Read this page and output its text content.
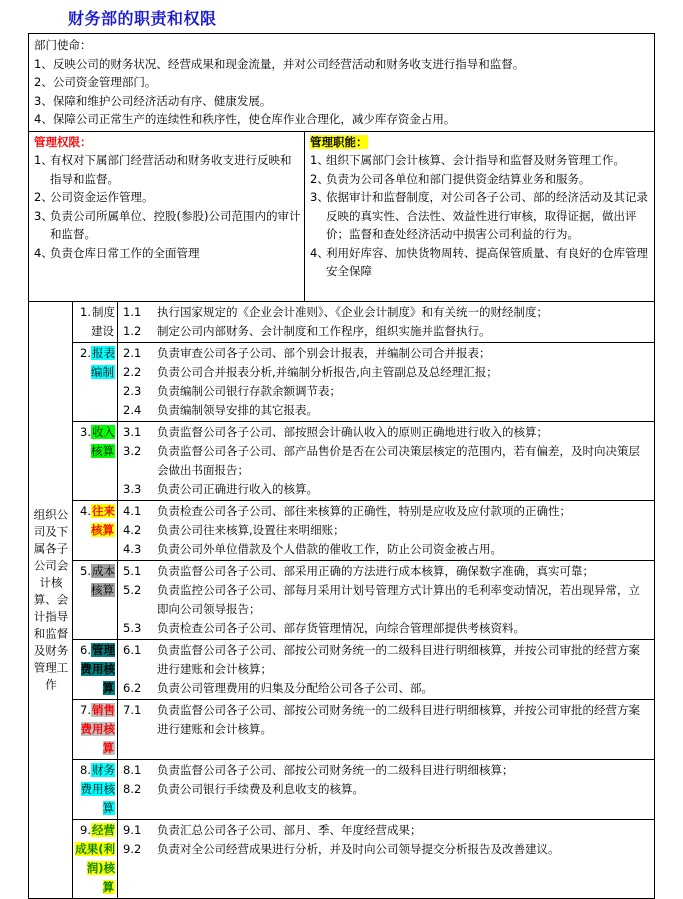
财务部的职责和权限
部门使命：
1、反映公司的财务状况、经营成果和现金流量，并对公司经营活动和财务收支进行指导和监督。
2、公司资金管理部门。
3、保障和维护公司经济活动有序、健康发展。
4、保障公司正常生产的连续性和秩序性，使仓库作业合理化，减少库存资金占用。
管理权限：
1、
有权对下属部门经营活动和财务收支进行反映和指导和监督。
2、
公司资金运作管理。
3、
负责公司所属单位、控股(参股)公司范围内的审计和监督。
4、
负责仓库日常工作的全面管理
管理职能：
1、
组织下属部门会计核算、会计指导和监督及财务管理工作。
2、
负责为公司各单位和部门提供资金结算业务和服务。
3、
依据审计和监督制度，对公司各子公司、部的经济活动及其记录反映的真实性、合法性、效益性进行审核，取得证据，做出评价；监督和查处经济活动中损害公司利益的行为。
4、
利用好库容、加快货物周转、提高保管质量、有良好的仓库管理安全保障
组织公司及下属各子公司会计核算、会计指导和监督及财务管理工作
1.制度建设
1.1	执行国家规定的《企业会计准则》、《企业会计制度》和有关统一的财经制度；
1.2	制定公司内部财务、会计制度和工作程序，组织实施并监督执行。
2.报表编制
2.1	负责审查公司各子公司、部个别会计报表，并编制公司合并报表；
2.2	负责公司合并报表分析,并编制分析报告,向主管副总及总经理汇报；
2.3	负责编制公司银行存款余额调节表；
2.4	负责编制领导安排的其它报表。
3.收入核算
3.1	负责监督公司各子公司、部按照会计确认收入的原则正确地进行收入的核算；
3.2	负责监督公司各子公司、部产品售价是否在公司决策层核定的范围内，若有偏差，及时向决策层会做出书面报告；
3.3	负责公司正确进行收入的核算。
4.往来核算
4.1	负责检查公司各子公司、部往来核算的正确性，特别是应收及应付款项的正确性；
4.2	负责公司往来核算,设置往来明细账；
4.3	负责公司外单位借款及个人借款的催收工作，防止公司资金被占用。
5.成本核算
5.1	负责监督公司各子公司、部采用正确的方法进行成本核算，确保数字准确，真实可靠；
5.2	负责监控公司各子公司、部每月采用计划号管理方式计算出的毛利率变动情况，若出现异常，立即向公司领导报告；
5.3	负责检查公司各子公司、部存货管理情况，向综合管理部提供考核资料。
6.管理费用核算
6.1	负责监督公司各子公司、部按公司财务统一的二级科目进行明细核算，并按公司审批的经营方案进行建账和会计核算；
6.2	负责公司管理费用的归集及分配给公司各子公司、部。
7.销售费用核算
7.1	负责监督公司各子公司、部按公司财务统一的二级科目进行明细核算，并按公司审批的经营方案进行建账和会计核算。
8.财务费用核算
8.1	负责监督公司各子公司、部按公司财务统一的二级科目进行明细核算；
8.2	负责公司银行手续费及利息收支的核算。
9.经营成果(利润)核算
9.1	负责汇总公司各子公司、部月、季、年度经营成果；
9.2	负责对全公司经营成果进行分析，并及时向公司领导提交分析报告及改善建议。
